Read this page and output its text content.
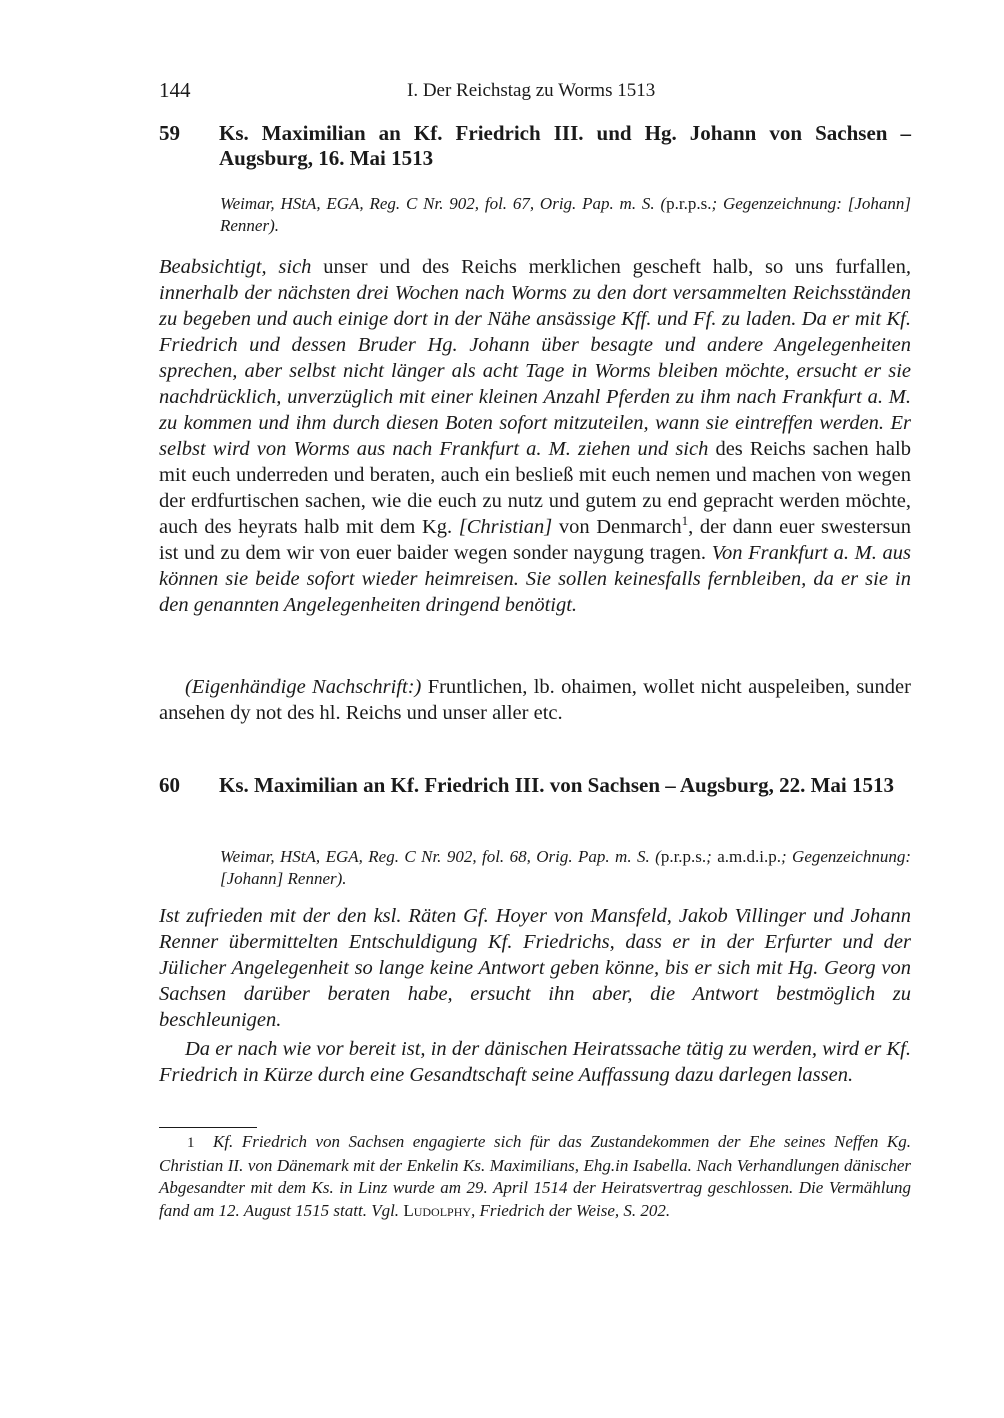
144	I. Der Reichstag zu Worms 1513
59 Ks. Maximilian an Kf. Friedrich III. und Hg. Johann von Sachsen – Augsburg, 16. Mai 1513
Weimar, HStA, EGA, Reg. C Nr. 902, fol. 67, Orig. Pap. m. S. (p.r.p.s.; Gegenzeichnung: [Johann] Renner).

Beabsichtigt, sich unser und des Reichs merklichen gescheft halb, so uns furfallen, innerhalb der nächsten drei Wochen nach Worms zu den dort versammelten Reichsständen zu begeben und auch einige dort in der Nähe ansässige Kff. und Ff. zu laden. Da er mit Kf. Friedrich und dessen Bruder Hg. Johann über besagte und andere Angelegenheiten sprechen, aber selbst nicht länger als acht Tage in Worms bleiben möchte, ersucht er sie nachdrücklich, unverzüglich mit einer kleinen Anzahl Pferden zu ihm nach Frankfurt a. M. zu kommen und ihm durch diesen Boten sofort mitzuteilen, wann sie eintreffen werden. Er selbst wird von Worms aus nach Frankfurt a. M. ziehen und sich des Reichs sachen halb mit euch underreden und beraten, auch ein besließ mit euch nemen und machen von wegen der erdfurtischen sachen, wie die euch zu nutz und gutem zu end gepracht werden möchte, auch des heyrats halb mit dem Kg. [Christian] von Denmarch$^1$, der dann euer swestersun ist und zu dem wir von euer baider wegen sonder naygung tragen. Von Frankfurt a. M. aus können sie beide sofort wieder heimreisen. Sie sollen keinesfalls fernbleiben, da er sie in den genannten Angelegenheiten dringend benötigt.

(Eigenhändige Nachschrift:) Fruntlichen, lb. ohaimen, wollet nicht auspeleiben, sunder ansehen dy not des hl. Reichs und unser aller etc.

60 Ks. Maximilian an Kf. Friedrich III. von Sachsen – Augsburg, 22. Mai 1513
Weimar, HStA, EGA, Reg. C Nr. 902, fol. 68, Orig. Pap. m. S. (p.r.p.s.; a.m.d.i.p.; Gegenzeichnung: [Johann] Renner).

Ist zufrieden mit der den ksl. Räten Gf. Hoyer von Mansfeld, Jakob Villinger und Johann Renner übermittelten Entschuldigung Kf. Friedrichs, dass er in der Erfurter und der Jülicher Angelegenheit so lange keine Antwort geben könne, bis er sich mit Hg. Georg von Sachsen darüber beraten habe, ersucht ihn aber, die Antwort bestmöglich zu beschleunigen.

Da er nach wie vor bereit ist, in der dänischen Heiratssache tätig zu werden, wird er Kf. Friedrich in Kürze durch eine Gesandtschaft seine Auffassung dazu darlegen lassen.

1 Kf. Friedrich von Sachsen engagierte sich für das Zustandekommen der Ehe seines Neffen Kg. Christian II. von Dänemark mit der Enkelin Ks. Maximilians, Ehg.in Isabella. Nach Verhandlungen dänischer Abgesandter mit dem Ks. in Linz wurde am 29. April 1514 der Heiratsvertrag geschlossen. Die Vermählung fand am 12. August 1515 statt. Vgl. Ludolphy, Friedrich der Weise, S. 202.
